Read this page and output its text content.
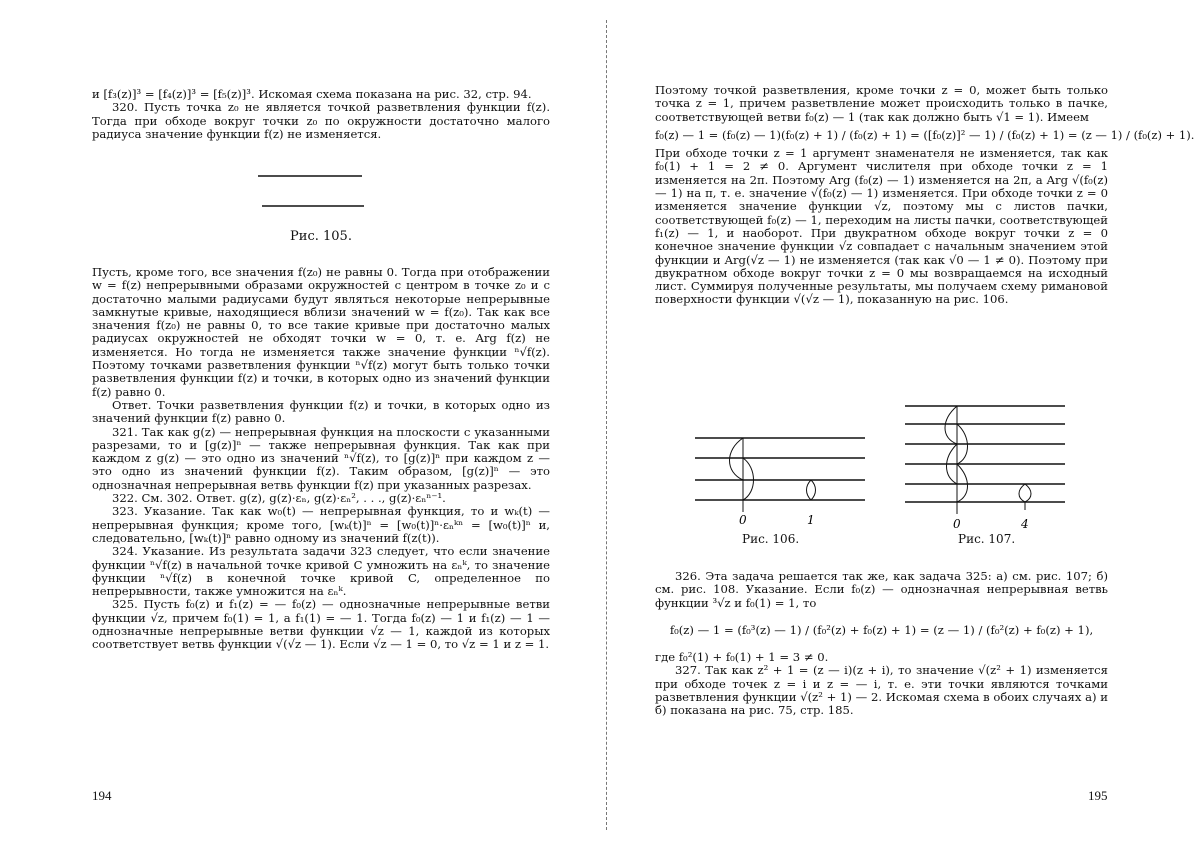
и [f₃(z)]³ = [f₄(z)]³ = [f₅(z)]³. Искомая схема показана на рис. 32, стр. 94.

320. Пусть точка z₀ не является точкой разветвления функции f(z). Тогда при обходе вокруг точки z₀ по окружности достаточно малого радиуса значение функции f(z) не изменяется.

Рис. 105.

Пусть, кроме того, все значения f(z₀) не равны 0. Тогда при отображении w = f(z) непрерывными образами окружностей с центром в точке z₀ и с достаточно малыми радиусами будут являться некоторые непрерывные замкнутые кривые, находящиеся вблизи значений w = f(z₀). Так как все значения f(z₀) не равны 0, то все такие кривые при достаточно малых радиусах окружностей не обходят точки w = 0, т. е. Arg f(z) не изменяется. Но тогда не изменяется также значение функции ⁿ√f(z). Поэтому точками разветвления функции ⁿ√f(z) могут быть только точки разветвления функции f(z) и точки, в которых одно из значений функции f(z) равно 0.

Ответ. Точки разветвления функции f(z) и точки, в которых одно из значений функции f(z) равно 0.

321. Так как g(z) — непрерывная функция на плоскости с указанными разрезами, то и [g(z)]ⁿ — также непрерывная функция. Так как при каждом z g(z) — это одно из значений ⁿ√f(z), то [g(z)]ⁿ при каждом z — это одно из значений функции f(z). Таким образом, [g(z)]ⁿ — это однозначная непрерывная ветвь функции f(z) при указанных разрезах.

322. См. 302. Ответ. g(z), g(z)·εₙ, g(z)·εₙ², . . ., g(z)·εₙⁿ⁻¹.

323. Указание. Так как w₀(t) — непрерывная функция, то и wₖ(t) — непрерывная функция; кроме того, [wₖ(t)]ⁿ = [w₀(t)]ⁿ·εₙᵏⁿ = [w₀(t)]ⁿ и, следовательно, [wₖ(t)]ⁿ равно одному из значений f(z(t)).

324. Указание. Из результата задачи 323 следует, что если значение функции ⁿ√f(z) в начальной точке кривой C умножить на εₙᵏ, то значение функции ⁿ√f(z) в конечной точке кривой C, определенное по непрерывности, также умножится на εₙᵏ.

325. Пусть f₀(z) и f₁(z) = — f₀(z) — однозначные непрерывные ветви функции √z, причем f₀(1) = 1, а f₁(1) = — 1. Тогда f₀(z) — 1 и f₁(z) — 1 — однозначные непрерывные ветви функции √z — 1, каждой из которых соответствует ветвь функции √(√z — 1). Если √z — 1 = 0, то √z = 1 и z = 1.

194

Поэтому точкой разветвления, кроме точки z = 0, может быть только точка z = 1, причем разветвление может происходить только в пачке, соответствующей ветви f₀(z) — 1 (так как должно быть √1 = 1). Имеем

f₀(z) — 1 = (f₀(z) — 1)(f₀(z) + 1) / (f₀(z) + 1) = ([f₀(z)]² — 1) / (f₀(z) + 1) = (z — 1) / (f₀(z) + 1).

При обходе точки z = 1 аргумент знаменателя не изменяется, так как f₀(1) + 1 = 2 ≠ 0. Аргумент числителя при обходе точки z = 1 изменяется на 2π. Поэтому Arg (f₀(z) — 1) изменяется на 2π, а Arg √(f₀(z) — 1) на π, т. е. значение √(f₀(z) — 1) изменяется. При обходе точки z = 0 изменяется значение функции √z, поэтому мы с листов пачки, соответствующей f₀(z) — 1, переходим на листы пачки, соответствующей f₁(z) — 1, и наоборот. При двукратном обходе вокруг точки z = 0 конечное значение функции √z совпадает с начальным значением этой функции и Arg(√z — 1) не изменяется (так как √0 — 1 ≠ 0). Поэтому при двукратном обходе вокруг точки z = 0 мы возвращаемся на исходный лист. Суммируя полученные результаты, мы получаем схему римановой поверхности функции √(√z — 1), показанную на рис. 106.

0	1
Рис. 106.
0	4
Рис. 107.

326. Эта задача решается так же, как задача 325: а) см. рис. 107; б) см. рис. 108. Указание. Если f₀(z) — однозначная непрерывная ветвь функции ³√z и f₀(1) = 1, то

f₀(z) — 1 = (f₀³(z) — 1) / (f₀²(z) + f₀(z) + 1) = (z — 1) / (f₀²(z) + f₀(z) + 1),

где f₀²(1) + f₀(1) + 1 = 3 ≠ 0.

327. Так как z² + 1 = (z — i)(z + i), то значение √(z² + 1) изменяется при обходе точек z = i и z = — i, т. е. эти точки являются точками разветвления функции √(z² + 1) — 2. Искомая схема в обоих случаях а) и б) показана на рис. 75, стр. 185.

195
